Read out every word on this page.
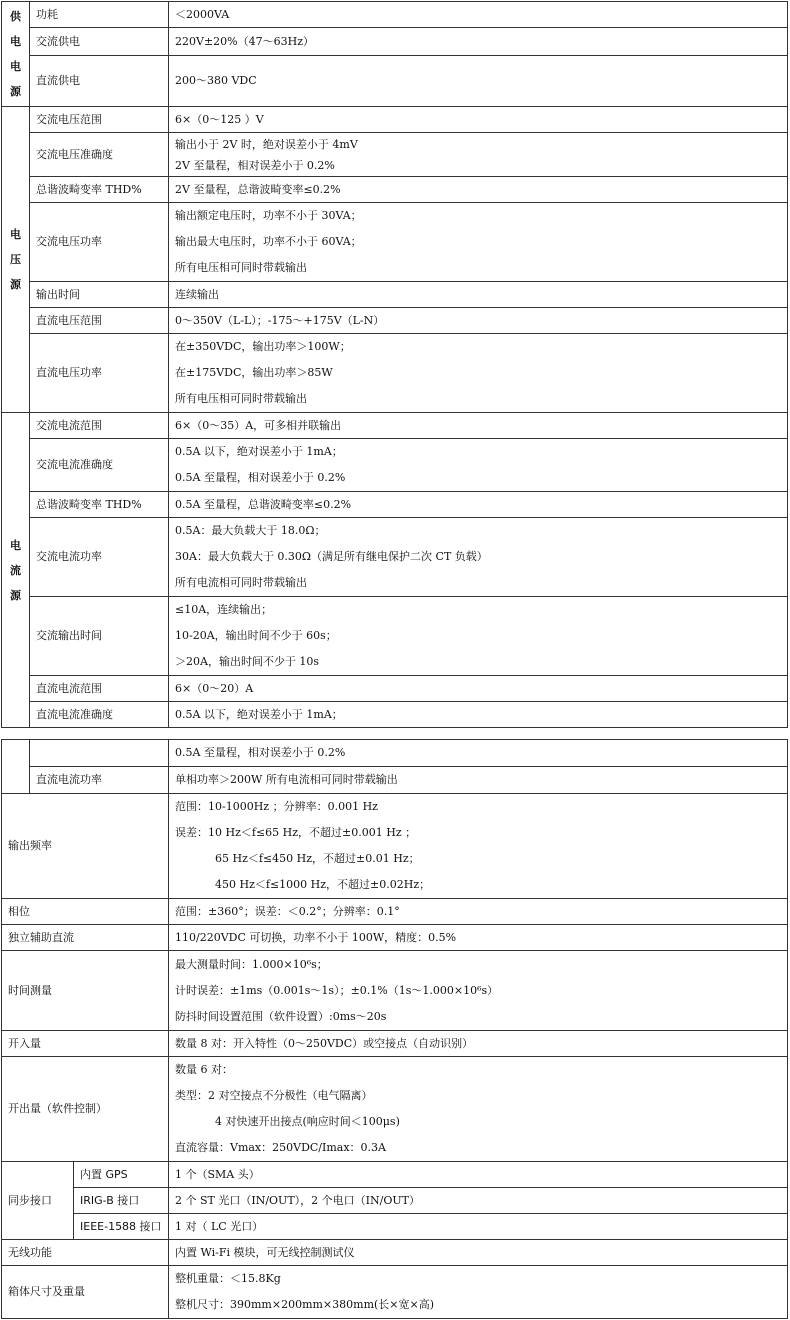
供
电
电
源	功耗	＜2000VA
	交流供电	220V±20%（47～63Hz）
	直流供电	200～380 VDC

电
压
源	交流电压范围	6×（0～125 ）V
	交流电压准确度	输出小于 2V 时，绝对误差小于 4mV
2V 至量程，相对误差小于 0.2%

	总谐波畸变率 THD%	2V 至量程，总谐波畸变率≤0.2%
	交流电压功率	输出额定电压时，功率不小于 30VA；
输出最大电压时，功率不小于 60VA；
所有电压相可同时带载输出

	输出时间	连续输出
	直流电压范围	0～350V（L-L）；-175～+175V（L-N）
	直流电压功率	在±350VDC，输出功率＞100W；
在±175VDC，输出功率＞85W
所有电压相可同时带载输出

电
流
源	交流电流范围	6×（0～35）A，可多相并联输出
	交流电流准确度	0.5A 以下，绝对误差小于 1mA；
0.5A 至量程，相对误差小于 0.2%

	总谐波畸变率 THD%	0.5A 至量程，总谐波畸变率≤0.2%
	交流电流功率	0.5A：最大负载大于 18.0Ω；
30A：最大负载大于 0.30Ω（满足所有继电保护二次 CT 负载）
所有电流相可同时带载输出

	交流输出时间	≤10A，连续输出；
10-20A，输出时间不少于 60s；
＞20A，输出时间不少于 10s

	直流电流范围	6×（0～20）A
	直流电流准确度	0.5A 以下，绝对误差小于 1mA；
			0.5A 至量程，相对误差小于 0.2%
	直流电流功率		单相功率＞200W 所有电流相可同时带载输出
输出频率			范围：10-1000Hz ；分辨率：0.001 Hz
误差：10 Hz＜f≤65 Hz，不超过±0.001 Hz ；
65 Hz＜f≤450 Hz，不超过±0.01 Hz；
450 Hz＜f≤1000 Hz，不超过±0.02Hz；

相位			范围：±360°；误差：＜0.2°；分辨率：0.1°
独立辅助直流			110/220VDC 可切换，功率不小于 100W，精度：0.5%
时间测量			最大测量时间：1.000×10⁶s；
计时误差：±1ms（0.001s～1s）；±0.1%（1s～1.000×10⁶s）
防抖时间设置范围（软件设置）:0ms～20s

开入量			数量 8 对：开入特性（0～250VDC）或空接点（自动识别）
开出量（软件控制）			数量 6 对：
类型：2 对空接点不分极性（电气隔离）
4 对快速开出接点(响应时间＜100μs)
直流容量：Vmax：250VDC/Imax：0.3A

同步接口		内置 GPS	1 个（SMA 头）
		IRIG-B 接口	2 个 ST 光口（IN/OUT），2 个电口（IN/OUT）
		IEEE-1588 接口	1 对（ LC 光口）
无线功能			内置 Wi-Fi 模块，可无线控制测试仪
箱体尺寸及重量			整机重量：＜15.8Kg
整机尺寸：390mm×200mm×380mm(长×宽×高)
